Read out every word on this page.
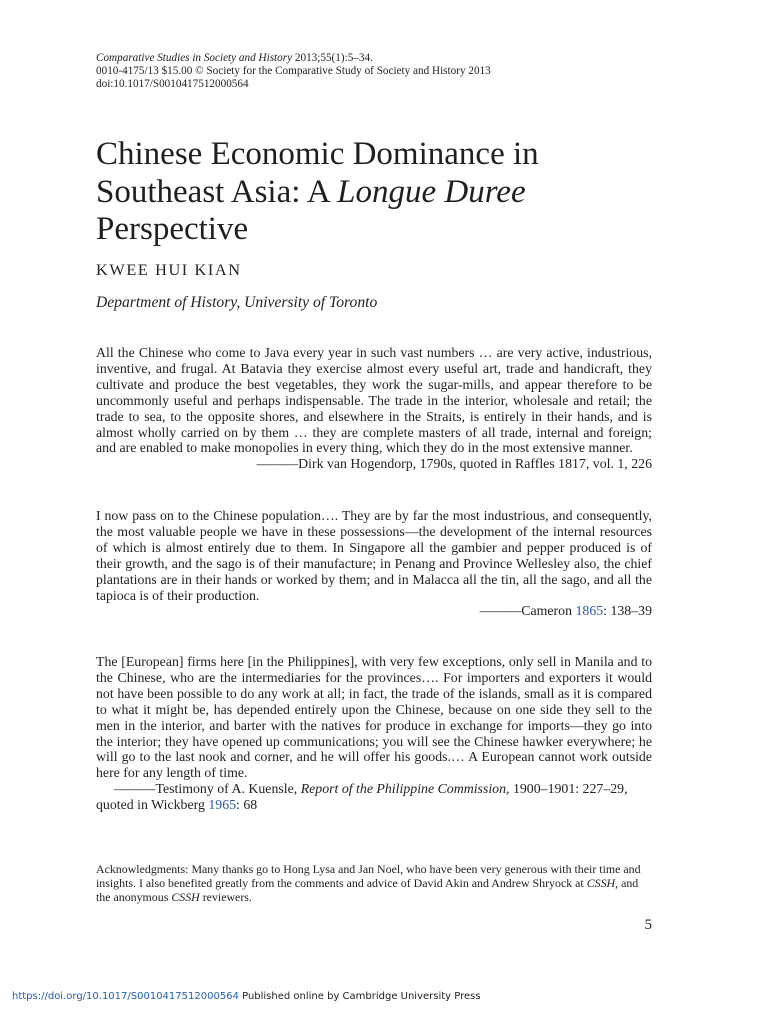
Comparative Studies in Society and History 2013;55(1):5–34.
0010-4175/13 $15.00 © Society for the Comparative Study of Society and History 2013
doi:10.1017/S0010417512000564
Chinese Economic Dominance in Southeast Asia: A Longue Duree Perspective
KWEE HUI KIAN
Department of History, University of Toronto

All the Chinese who come to Java every year in such vast numbers … are very active, industrious, inventive, and frugal. At Batavia they exercise almost every useful art, trade and handicraft, they cultivate and produce the best vegetables, they work the sugar-mills, and appear therefore to be uncommonly useful and perhaps indispensable. The trade in the interior, wholesale and retail; the trade to sea, to the opposite shores, and elsewhere in the Straits, is entirely in their hands, and is almost wholly carried on by them … they are complete masters of all trade, internal and foreign; and are enabled to make monopolies in every thing, which they do in the most extensive manner.

———Dirk van Hogendorp, 1790s, quoted in Raffles 1817, vol. 1, 226

I now pass on to the Chinese population…. They are by far the most industrious, and consequently, the most valuable people we have in these possessions—the development of the internal resources of which is almost entirely due to them. In Singapore all the gambier and pepper produced is of their growth, and the sago is of their manufacture; in Penang and Province Wellesley also, the chief plantations are in their hands or worked by them; and in Malacca all the tin, all the sago, and all the tapioca is of their production.

———Cameron 1865: 138–39

The [European] firms here [in the Philippines], with very few exceptions, only sell in Manila and to the Chinese, who are the intermediaries for the provinces…. For importers and exporters it would not have been possible to do any work at all; in fact, the trade of the islands, small as it is compared to what it might be, has depended entirely upon the Chinese, because on one side they sell to the men in the interior, and barter with the natives for produce in exchange for imports—they go into the interior; they have opened up communications; you will see the Chinese hawker everywhere; he will go to the last nook and corner, and he will offer his goods.… A European cannot work outside here for any length of time.

———Testimony of A. Kuensle, Report of the Philippine Commission, 1900–1901: 227–29, quoted in Wickberg 1965: 68

Acknowledgments: Many thanks go to Hong Lysa and Jan Noel, who have been very generous with their time and insights. I also benefited greatly from the comments and advice of David Akin and Andrew Shryock at CSSH, and the anonymous CSSH reviewers.

5
https://doi.org/10.1017/S0010417512000564 Published online by Cambridge University Press
